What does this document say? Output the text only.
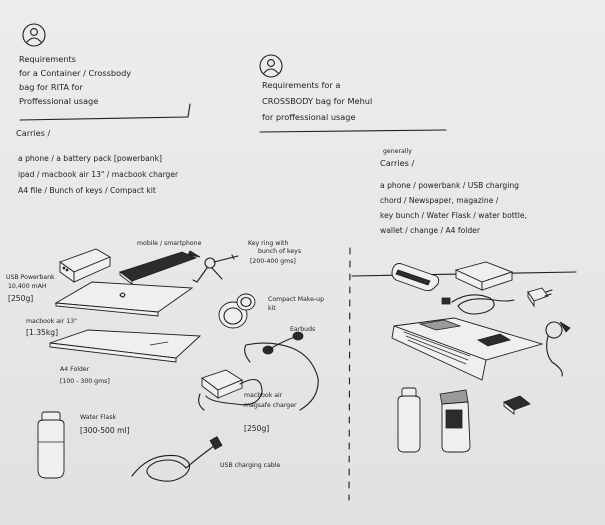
Requirements
for a Container / Crossbody
bag for RITA for
Proffessional usage
Carries /
a phone / a battery pack [powerbank]
ipad / macbook air 13" / macbook charger
A4 file / Bunch of keys / Compact kit
mobile / smartphone	Key ring with
bunch of keys
[200-400 gms]
USB Powerbank
10,400 mAH
[250g]	Compact Make-up
kit
macbook air 13"
[1.35kg]	Earbuds
A4 Folder
[100 - 300 gms]
macbook air
magsafe charger
[250g]
Water Flask
[300-500 ml]
USB charging cable
Requirements for a
CROSSBODY bag for Mehul
for proffessional usage
generally
Carries /
a phone / powerbank / USB charging
chord / Newspaper, magazine /
key bunch / Water Flask / water bottle,
wallet / change / A4 folder
